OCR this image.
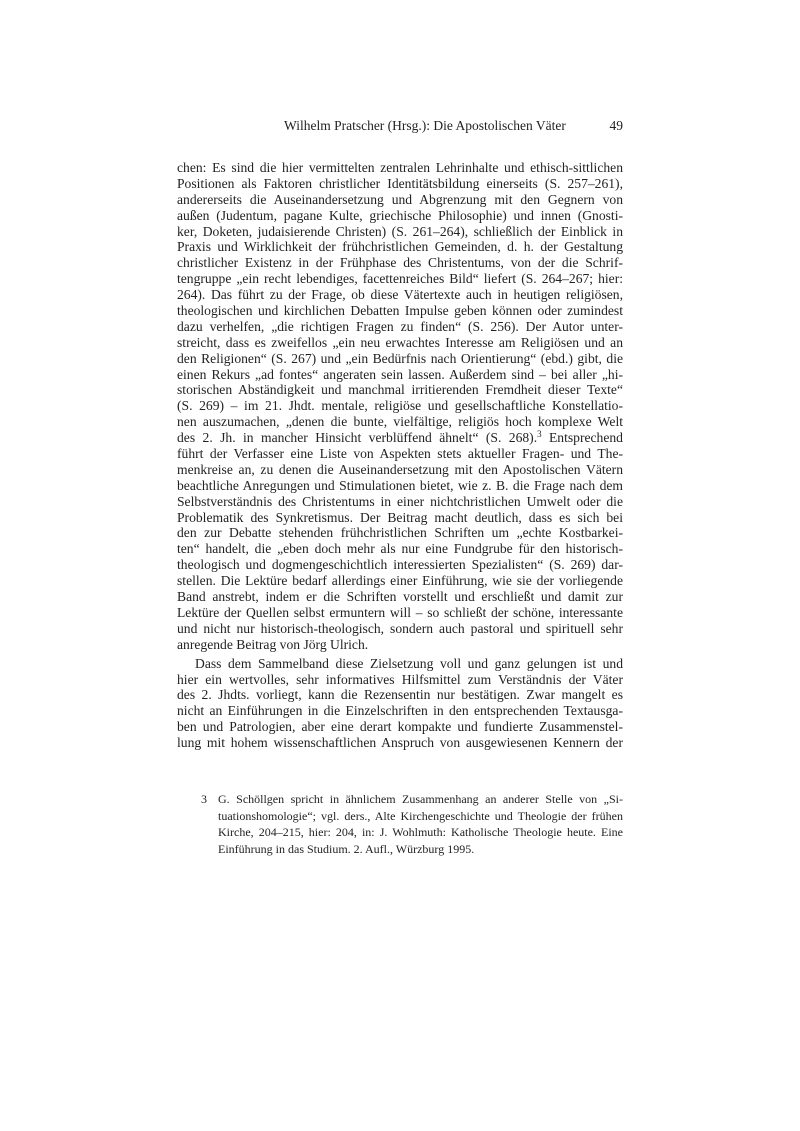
Wilhelm Pratscher (Hrsg.): Die Apostolischen Väter	49
chen: Es sind die hier vermittelten zentralen Lehrinhalte und ethisch-sittlichen
Positionen als Faktoren christlicher Identitätsbildung einerseits (S. 257–261),
andererseits die Auseinandersetzung und Abgrenzung mit den Gegnern von
außen (Judentum, pagane Kulte, griechische Philosophie) und innen (Gnosti-
ker, Doketen, judaisierende Christen) (S. 261–264), schließlich der Einblick in
Praxis und Wirklichkeit der frühchristlichen Gemeinden, d. h. der Gestaltung
christlicher Existenz in der Frühphase des Christentums, von der die Schrif-
tengruppe „ein recht lebendiges, facettenreiches Bild“ liefert (S. 264–267; hier:
264). Das führt zu der Frage, ob diese Vätertexte auch in heutigen religiösen,
theologischen und kirchlichen Debatten Impulse geben können oder zumindest
dazu verhelfen, „die richtigen Fragen zu finden“ (S. 256). Der Autor unter-
streicht, dass es zweifellos „ein neu erwachtes Interesse am Religiösen und an
den Religionen“ (S. 267) und „ein Bedürfnis nach Orientierung“ (ebd.) gibt, die
einen Rekurs „ad fontes“ angeraten sein lassen. Außerdem sind – bei aller „hi-
storischen Abständigkeit und manchmal irritierenden Fremdheit dieser Texte“
(S. 269) – im 21. Jhdt. mentale, religiöse und gesellschaftliche Konstellatio-
nen auszumachen, „denen die bunte, vielfältige, religiös hoch komplexe Welt
des 2. Jh. in mancher Hinsicht verblüffend ähnelt“ (S. 268).$^3$ Entsprechend
führt der Verfasser eine Liste von Aspekten stets aktueller Fragen- und The-
menkreise an, zu denen die Auseinandersetzung mit den Apostolischen Vätern
beachtliche Anregungen und Stimulationen bietet, wie z. B. die Frage nach dem
Selbstverständnis des Christentums in einer nichtchristlichen Umwelt oder die
Problematik des Synkretismus. Der Beitrag macht deutlich, dass es sich bei
den zur Debatte stehenden frühchristlichen Schriften um „echte Kostbarkei-
ten“ handelt, die „eben doch mehr als nur eine Fundgrube für den historisch-
theologisch und dogmengeschichtlich interessierten Spezialisten“ (S. 269) dar-
stellen. Die Lektüre bedarf allerdings einer Einführung, wie sie der vorliegende
Band anstrebt, indem er die Schriften vorstellt und erschließt und damit zur
Lektüre der Quellen selbst ermuntern will – so schließt der schöne, interessante
und nicht nur historisch-theologisch, sondern auch pastoral und spirituell sehr
anregende Beitrag von Jörg Ulrich.
Dass dem Sammelband diese Zielsetzung voll und ganz gelungen ist und
hier ein wertvolles, sehr informatives Hilfsmittel zum Verständnis der Väter
des 2. Jhdts. vorliegt, kann die Rezensentin nur bestätigen. Zwar mangelt es
nicht an Einführungen in die Einzelschriften in den entsprechenden Textausga-
ben und Patrologien, aber eine derart kompakte und fundierte Zusammenstel-
lung mit hohem wissenschaftlichen Anspruch von ausgewiesenen Kennern der
3 G. Schöllgen spricht in ähnlichem Zusammenhang an anderer Stelle von „Si-
tuationshomologie“; vgl. ders., Alte Kirchengeschichte und Theologie der frühen
Kirche, 204–215, hier: 204, in: J. Wohlmuth: Katholische Theologie heute. Eine
Einführung in das Studium. 2. Aufl., Würzburg 1995.
